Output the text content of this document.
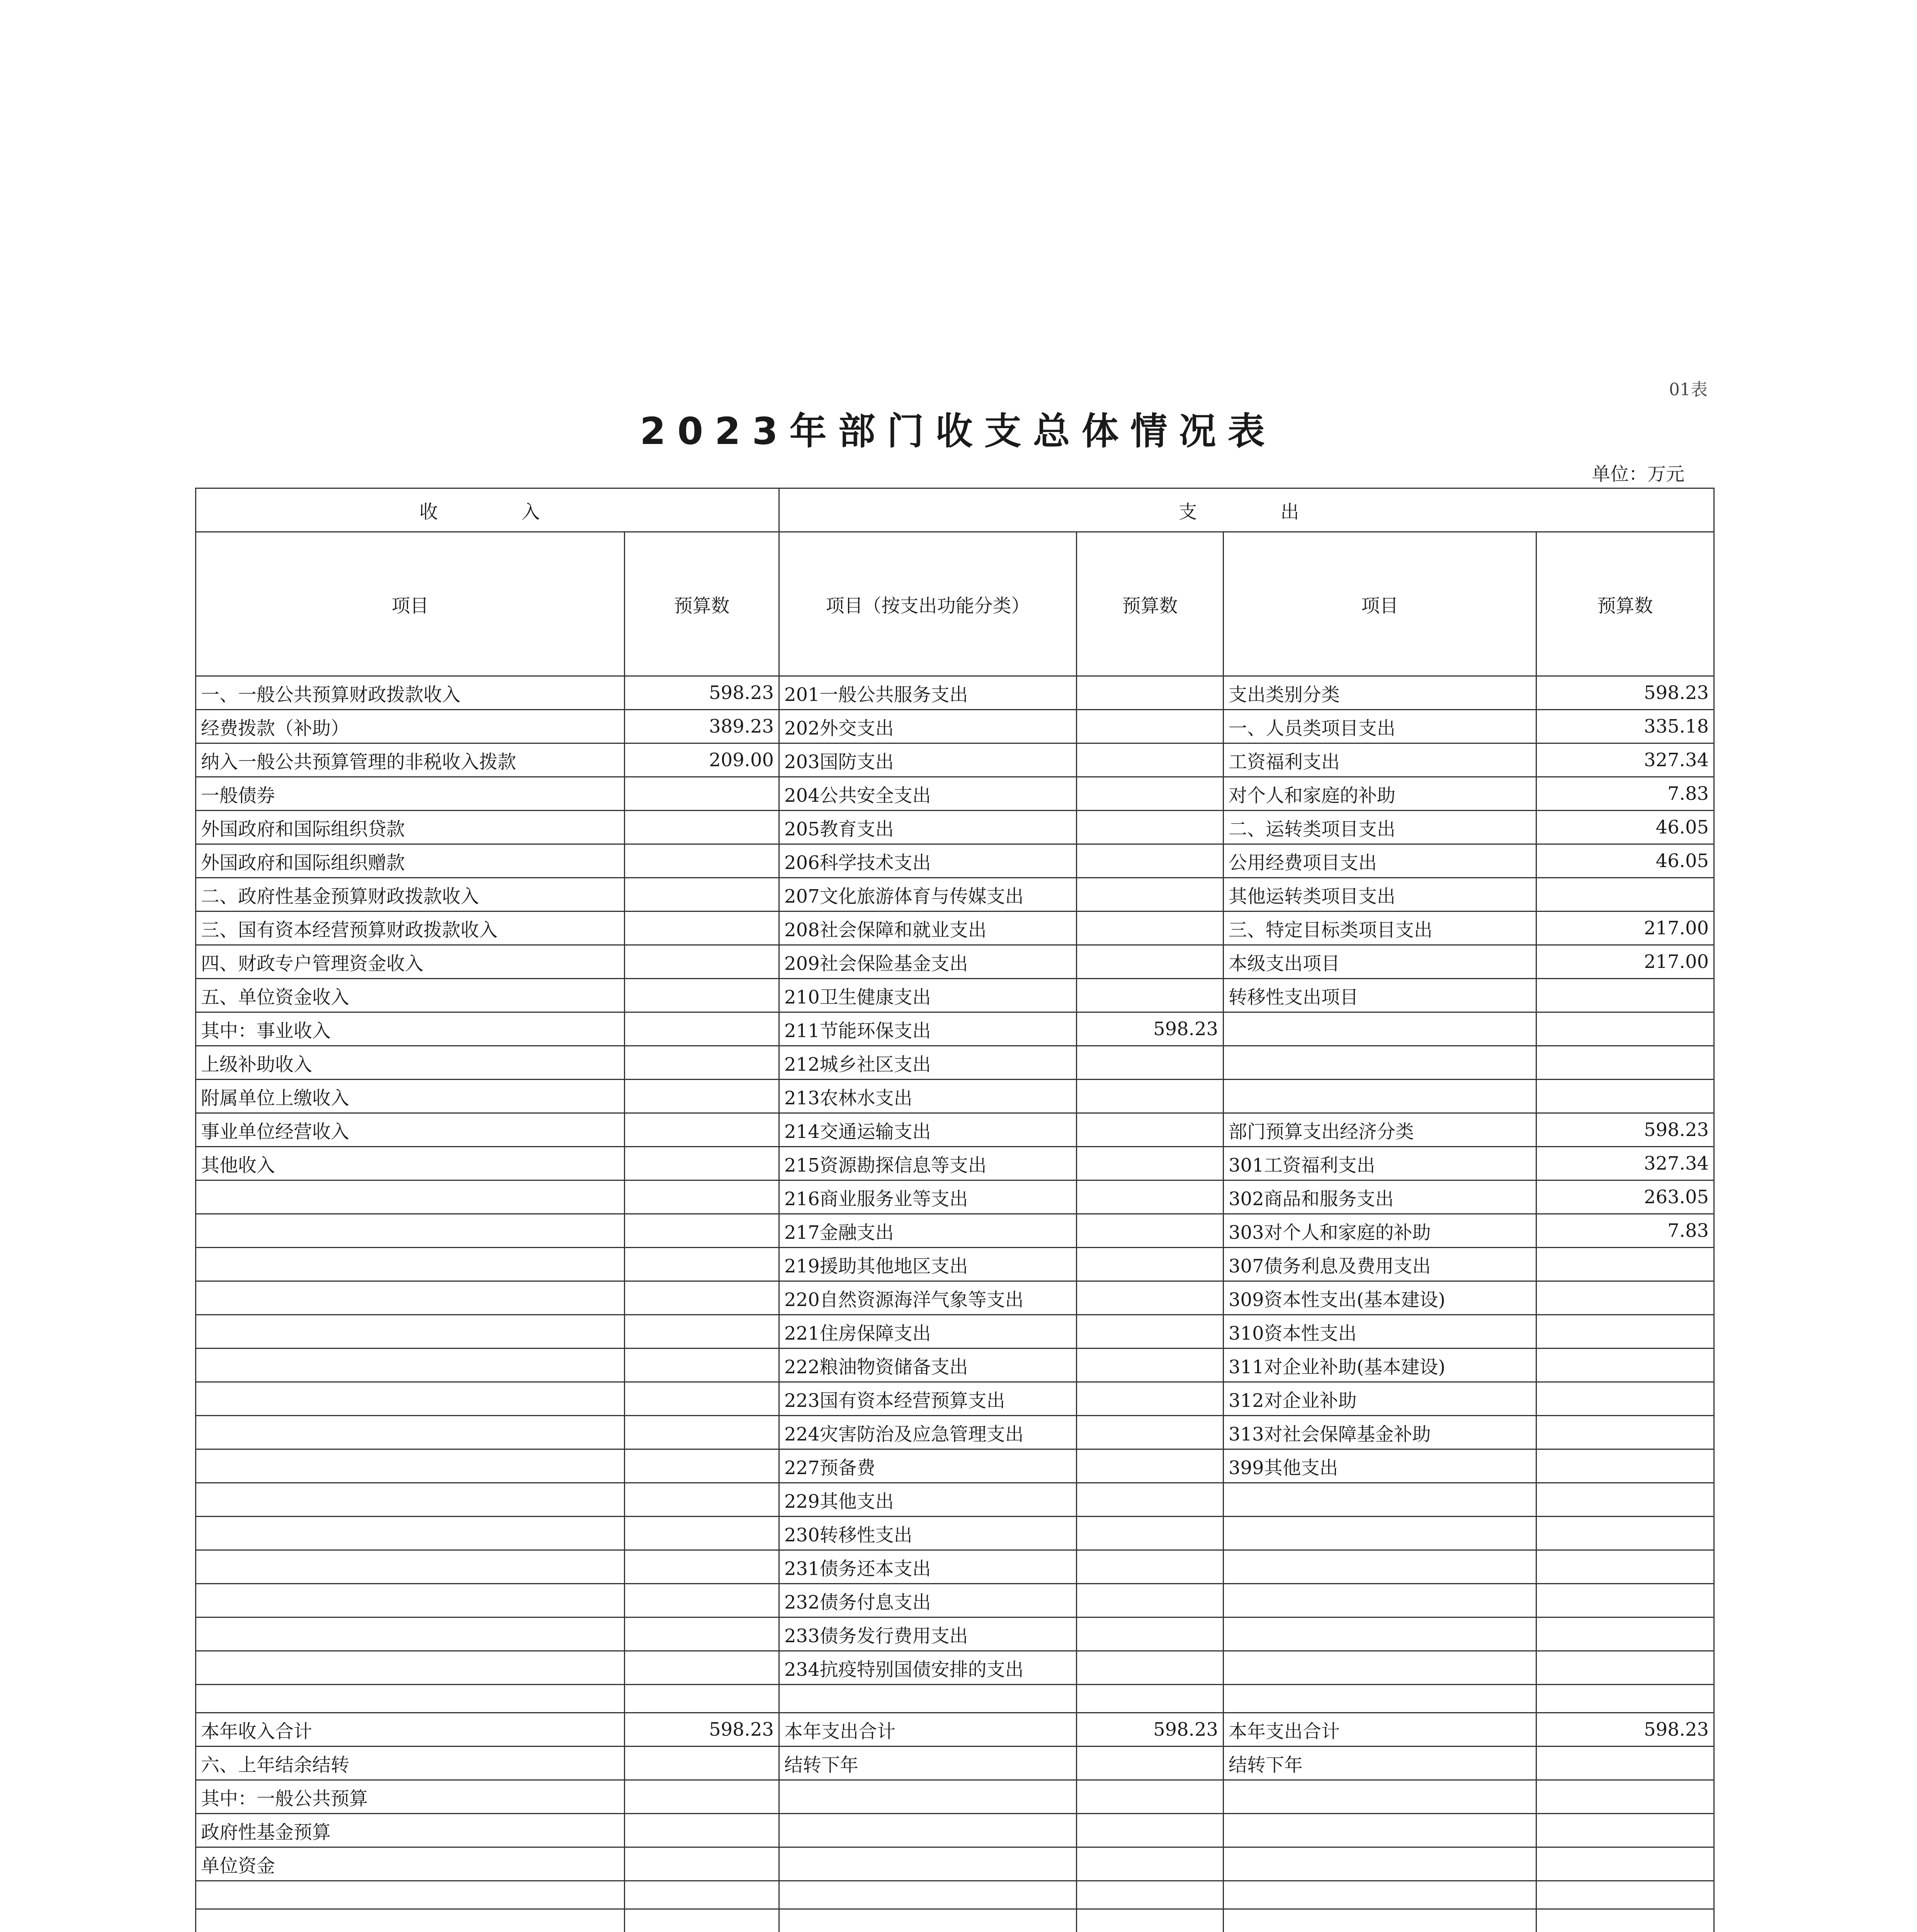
01表
2023年部门收支总体情况表
单位：万元
收　　入		支　　出			
项目	预算数	项目（按支出功能分类）	预算数	项目	预算数
一、一般公共预算财政拨款收入	598.23	201一般公共服务支出		支出类别分类	598.23
经费拨款（补助）	389.23	202外交支出		一、人员类项目支出	335.18
纳入一般公共预算管理的非税收入拨款	209.00	203国防支出		工资福利支出	327.34
一般债券		204公共安全支出		对个人和家庭的补助	7.83
外国政府和国际组织贷款		205教育支出		二、运转类项目支出	46.05
外国政府和国际组织赠款		206科学技术支出		公用经费项目支出	46.05
二、政府性基金预算财政拨款收入		207文化旅游体育与传媒支出		其他运转类项目支出	
三、国有资本经营预算财政拨款收入		208社会保障和就业支出		三、特定目标类项目支出	217.00
四、财政专户管理资金收入		209社会保险基金支出		本级支出项目	217.00
五、单位资金收入		210卫生健康支出		转移性支出项目	
其中：事业收入		211节能环保支出	598.23		
上级补助收入		212城乡社区支出			
附属单位上缴收入		213农林水支出			
事业单位经营收入		214交通运输支出		部门预算支出经济分类	598.23
其他收入		215资源勘探信息等支出		301工资福利支出	327.34
		216商业服务业等支出		302商品和服务支出	263.05
		217金融支出		303对个人和家庭的补助	7.83
		219援助其他地区支出		307债务利息及费用支出	
		220自然资源海洋气象等支出		309资本性支出(基本建设)	
		221住房保障支出		310资本性支出	
		222粮油物资储备支出		311对企业补助(基本建设)	
		223国有资本经营预算支出		312对企业补助	
		224灾害防治及应急管理支出		313对社会保障基金补助	
		227预备费		399其他支出	
		229其他支出			
		230转移性支出			
		231债务还本支出			
		232债务付息支出			
		233债务发行费用支出			
		234抗疫特别国债安排的支出			

本年收入合计	598.23	本年支出合计	598.23	本年支出合计	598.23
六、上年结余结转		结转下年		结转下年	
其中：一般公共预算					
政府性基金预算					
单位资金					
